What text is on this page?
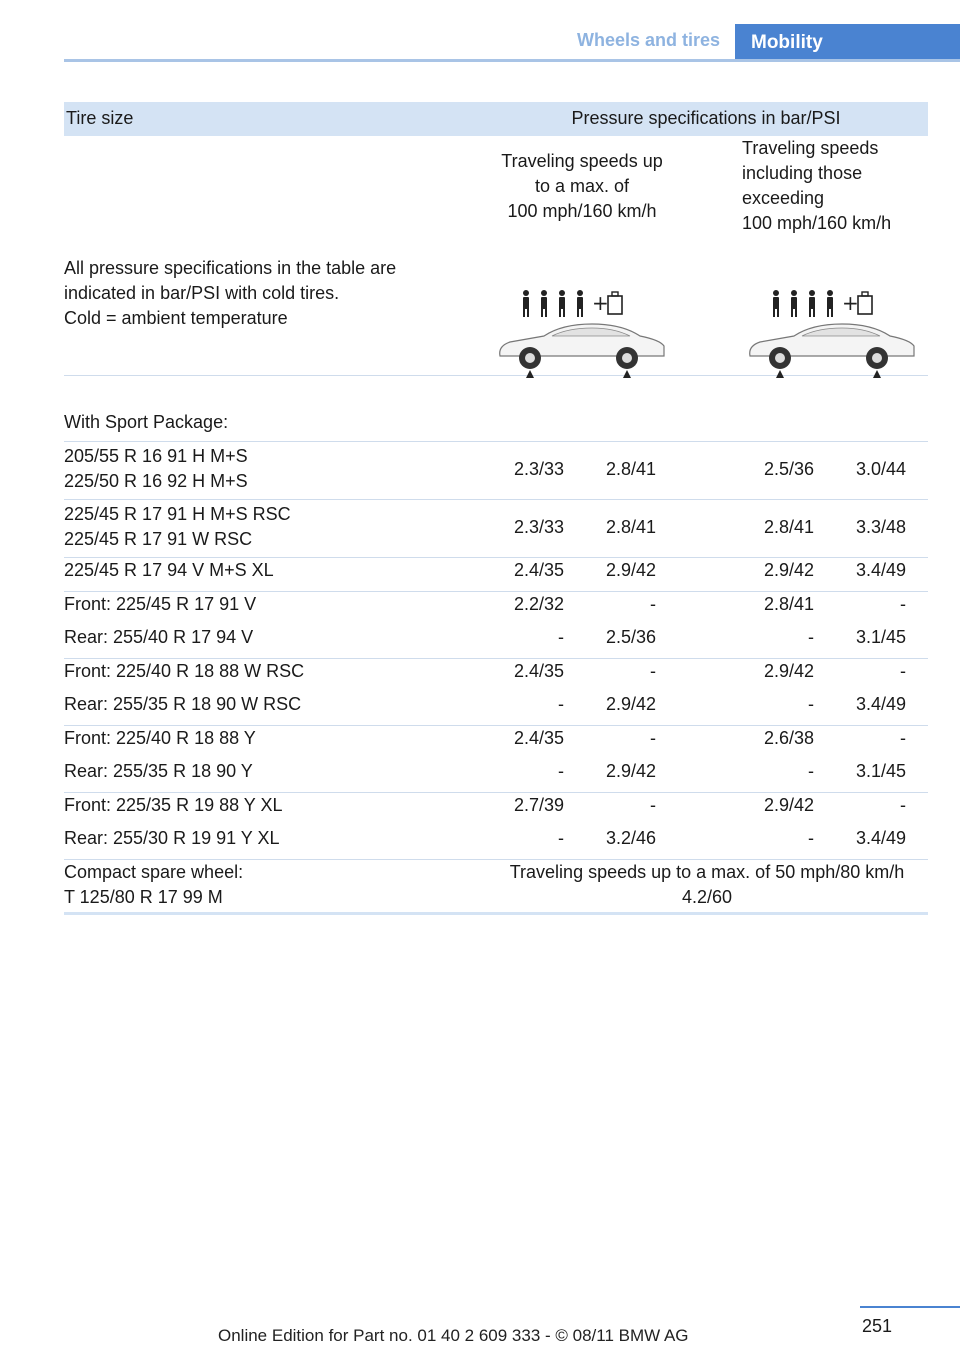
Wheels and tires	Mobility
Tire size	Pressure specifications in bar/PSI
All pressure specifications in the table are
indicated in bar/PSI with cold tires.
Cold = ambient temperature
Traveling speeds up
to a max. of
100 mph/160 km/h
Traveling speeds
including those
exceeding
100 mph/160 km/h
+	+
With Sport Package:
205/55 R 16 91 H M+S
225/50 R 16 92 H M+S
2.3/33	2.8/41	2.5/36	3.0/44
225/45 R 17 91 H M+S RSC
225/45 R 17 91 W RSC
2.3/33	2.8/41	2.8/41	3.3/48
225/45 R 17 94 V M+S XL	2.4/35	2.9/42	2.9/42	3.4/49
Front: 225/45 R 17 91 V	2.2/32	-	2.8/41	-
Rear: 255/40 R 17 94 V	-	2.5/36	-	3.1/45
Front: 225/40 R 18 88 W RSC	2.4/35	-	2.9/42	-
Rear: 255/35 R 18 90 W RSC	-	2.9/42	-	3.4/49
Front: 225/40 R 18 88 Y	2.4/35	-	2.6/38	-
Rear: 255/35 R 18 90 Y	-	2.9/42	-	3.1/45
Front: 225/35 R 19 88 Y XL	2.7/39	-	2.9/42	-
Rear: 255/30 R 19 91 Y XL	-	3.2/46	-	3.4/49
Compact spare wheel:
T 125/80 R 17 99 M
Traveling speeds up to a max. of 50 mph/80 km/h
4.2/60
251
Online Edition for Part no. 01 40 2 609 333 - © 08/11 BMW AG
